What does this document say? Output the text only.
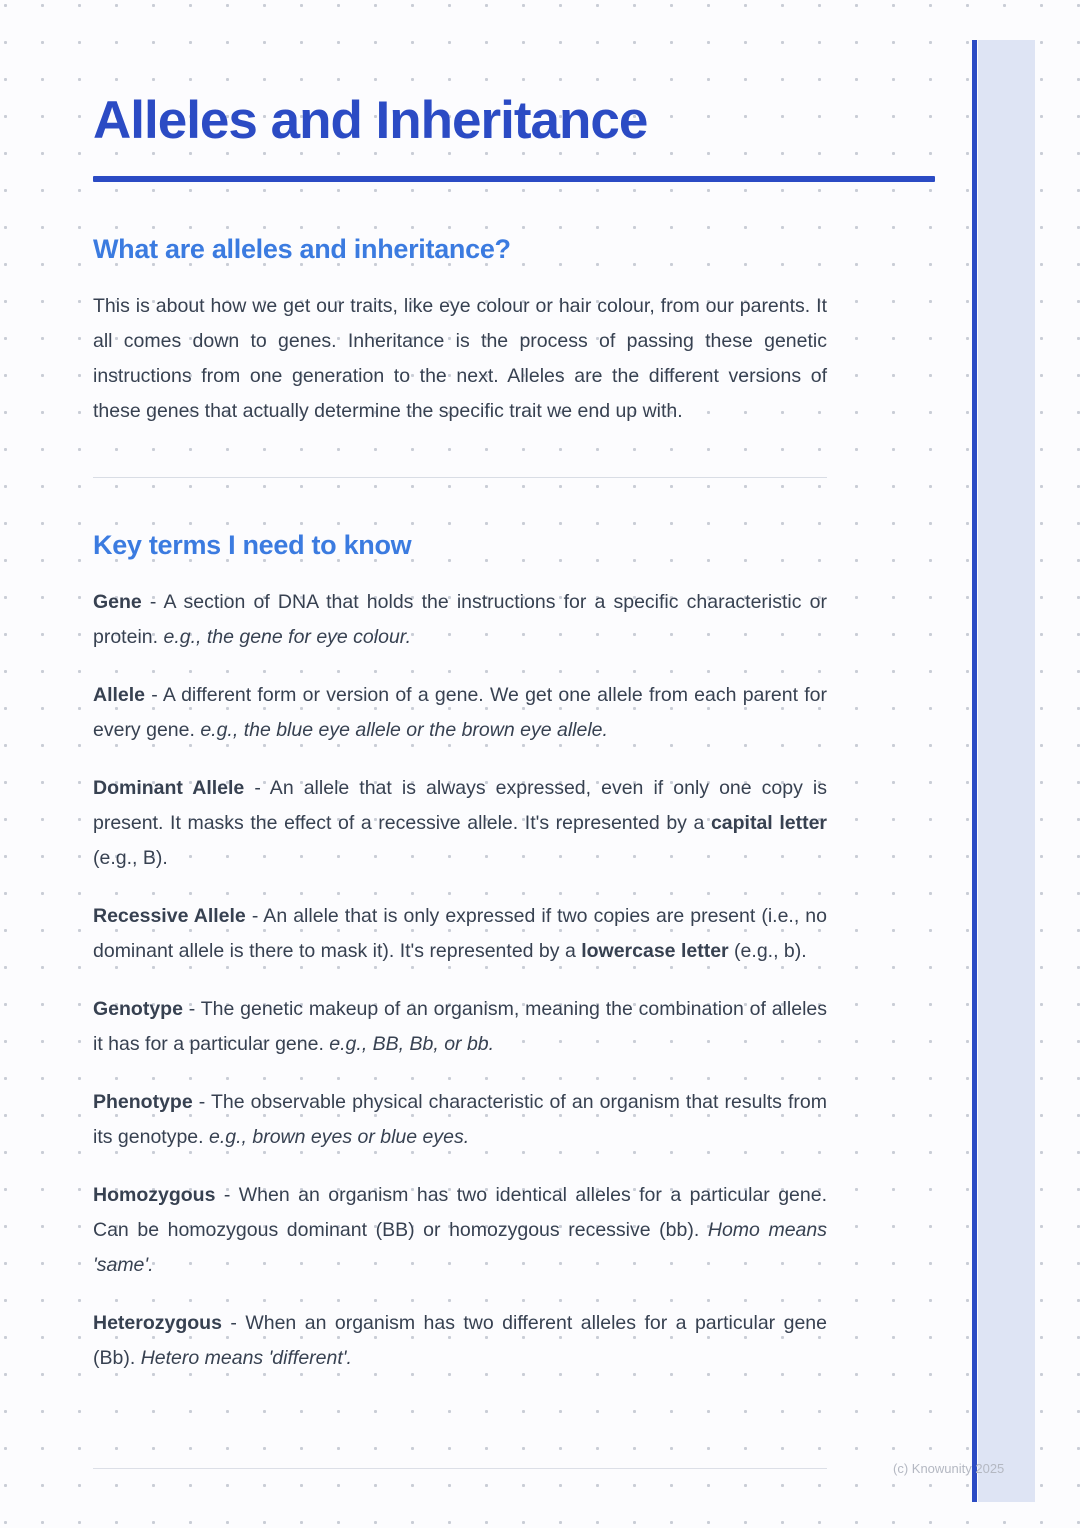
Alleles and Inheritance
What are alleles and inheritance?

This is about how we get our traits, like eye colour or hair colour, from our parents. It all comes down to genes. Inheritance is the process of passing these genetic instructions from one generation to the next. Alleles are the different versions of these genes that actually determine the specific trait we end up with.

Key terms I need to know

Gene - A section of DNA that holds the instructions for a specific characteristic or protein. e.g., the gene for eye colour.

Allele - A different form or version of a gene. We get one allele from each parent for every gene. e.g., the blue eye allele or the brown eye allele.

Dominant Allele - An allele that is always expressed, even if only one copy is present. It masks the effect of a recessive allele. It's represented by a capital letter (e.g., B).

Recessive Allele - An allele that is only expressed if two copies are present (i.e., no dominant allele is there to mask it). It's represented by a lowercase letter (e.g., b).

Genotype - The genetic makeup of an organism, meaning the combination of alleles it has for a particular gene. e.g., BB, Bb, or bb.

Phenotype - The observable physical characteristic of an organism that results from its genotype. e.g., brown eyes or blue eyes.

Homozygous - When an organism has two identical alleles for a particular gene. Can be homozygous dominant (BB) or homozygous recessive (bb). Homo means 'same'.

Heterozygous - When an organism has two different alleles for a particular gene (Bb). Hetero means 'different'.

(c) Knowunity 2025
